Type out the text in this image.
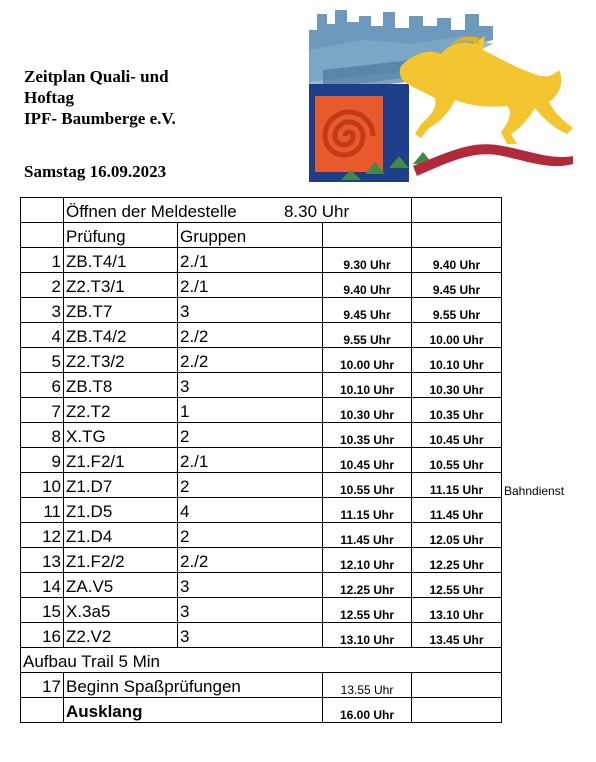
Zeitplan Quali- und
Hoftag
IPF- Baumberge e.V.
Samstag 16.09.2023
	Öffnen der Meldestelle 8.30 Uhr				
	Prüfung	Gruppen			
1	ZB.T4/1	2./1	9.30 Uhr	9.40 Uhr	
2	Z2.T3/1	2./1	9.40 Uhr	9.45 Uhr	
3	ZB.T7	3	9.45 Uhr	9.55 Uhr	
4	ZB.T4/2	2./2	9.55 Uhr	10.00 Uhr	
5	Z2.T3/2	2./2	10.00 Uhr	10.10 Uhr	
6	ZB.T8	3	10.10 Uhr	10.30 Uhr	
7	Z2.T2	1	10.30 Uhr	10.35 Uhr	
8	X.TG	2	10.35 Uhr	10.45 Uhr	
9	Z1.F2/1	2./1	10.45 Uhr	10.55 Uhr	
10	Z1.D7	2	10.55 Uhr	11.15 Uhr	Bahndienst
11	Z1.D5	4	11.15 Uhr	11.45 Uhr	
12	Z1.D4	2	11.45 Uhr	12.05 Uhr	
13	Z1.F2/2	2./2	12.10 Uhr	12.25 Uhr	
14	ZA.V5	3	12.25 Uhr	12.55 Uhr	
15	X.3a5	3	12.55 Uhr	13.10 Uhr	
16	Z2.V2	3	13.10 Uhr	13.45 Uhr	
Aufbau Trail 5 Min					
17	Beginn Spaßprüfungen		13.55 Uhr		
	Ausklang		16.00 Uhr		
